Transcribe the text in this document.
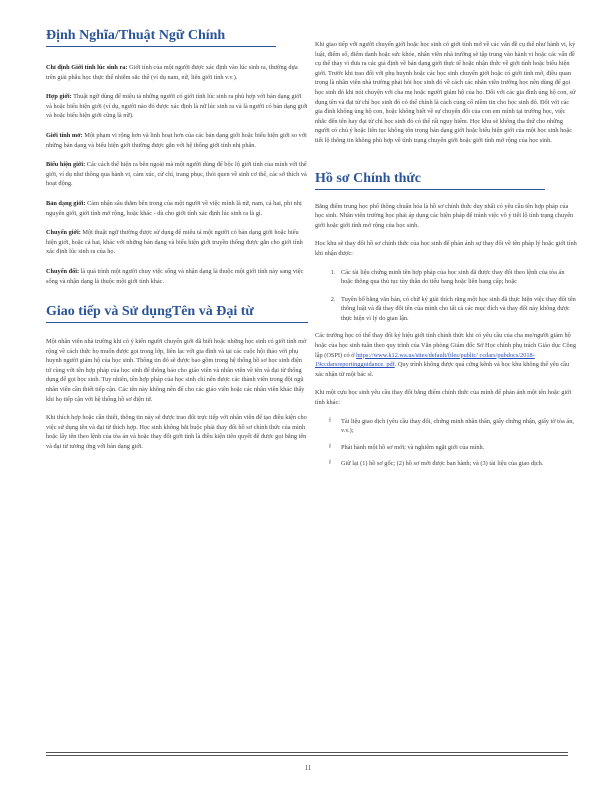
Định Nghĩa/Thuật Ngữ Chính

Chỉ định Giới tính lúc sinh ra: Giới tính của một người được xác định vào lúc sinh ra, thường dựa trên giải phẫu học thực thể nhiễm sắc thể (ví dụ nam, nữ, liên giới tính v.v.).

Hợp giới: Thuật ngữ dùng để miêu tả những người có giới tính lúc sinh ra phù hợp với bản dạng giới và hoặc biểu hiện giới (ví dụ, người nào đó được xác định là nữ lúc sinh ra và là người có bản dạng giới và hoặc biểu hiện giới cũng là nữ).

Giới tính mở: Một phạm vi rộng hơn và linh hoạt hơn của các bản dạng giới hoặc biểu hiện giới so với những bản dạng và biểu hiện giới thường được gắn với hệ thống giới tính nhị phân.

Biểu hiện giới: Các cách thể hiện ra bên ngoài mà một người dùng để bộc lộ giới tính của mình với thế giới, ví dụ như thông qua hành vi, cảm xúc, cử chỉ, trang phục, thói quen về sinh cơ thể, các sở thích và hoạt động.

Bản dạng giới: Cảm nhận sâu thẳm bên trong của một người về việc mình là nữ, nam, cả hai, phi nhị nguyên giới, giới tính mở rộng, hoặc khác - dù cho giới tính xác định lúc sinh ra là gì.

Chuyển giới: Một thuật ngữ thường được sử dụng để miêu tả một người có bản dạng giới hoặc biểu hiện giới, hoặc cả hai, khác với những bản dạng và biểu hiện giới truyền thống được gắn cho giới tính xác định lúc sinh ra của họ.

Chuyển đổi: là quá trình một người chuy việc sống và nhận dạng là thuộc một giới tính này sang việc sống và nhận dạng là thuộc một giới tính khác.

Giao tiếp và Sử dụngTên và Đại từ

Một nhân viên nhà trường khi có ý kiến người chuyển giới đã biết hoặc những học sinh có giới tính mở rộng về cách thức họ muốn được gọi trong lớp, liên lạc với gia đình và tại các cuộc hội thảo với phụ huynh người giám hộ của học sinh. Thông tin đó sẽ được bao gồm trong hệ thống hồ sơ học sinh điện tử cùng với tên hợp pháp của học sinh để thông báo cho giáo viên và nhân viên về tên và đại từ thống dụng để gọi học sinh. Tuy nhiên, tên hợp pháp của học sinh chỉ nên được các thành viên trong đội ngũ nhân viên cần thiết tiếp cận. Các tên này không nên để cho các giáo viên hoặc các nhân viên khác thấy khi họ tiếp cận với hệ thống hồ sơ điện tử.

Khi thích hợp hoặc cần thiết, thông tin này sẽ được trao đổi trực tiếp với nhân viên để tạo điều kiện cho việc sử dụng tên và đại từ thích hợp. Học sinh không bắt buộc phải thay đổi hồ sơ chính thức của mình hoặc lấy tên theo lệnh của tòa án và hoặc thay đổi giới tính là điều kiện tiên quyết để được gọi bằng tên và đại từ tương ứng với bản dạng giới.

Khi giao tiếp với người chuyển giới hoặc học sinh có giới tính mở về các vấn đề cụ thể như hành vi, kỷ luật, điểm số, điểm danh hoặc sức khỏe, nhân viên nhà trường sẽ tập trung vào hành vi hoặc các vấn đề cụ thể thay vì đưa ra các giả định về bản dạng giới thực tế hoặc nhận thức về giới tính hoặc biểu hiện giới. Trước khi trao đổi với phụ huynh hoặc các học sinh chuyển giới hoặc có giới tính mở, điều quan trọng là nhân viên nhà trường phải hỏi học sinh đó về cách các nhân viên trường học nên dùng để gọi học sinh đó khi nói chuyện với cha mẹ hoặc người giám hộ của họ. Đối với các gia đình ủng hộ con, sử dụng tên và đại từ chỉ học sinh đó có thể chính là cách củng cố niềm tin cho học sinh đó. Đối với các gia đình không ủng hộ con, hoặc không biết về sự chuyển đổi của con em mình tại trường học, việc nhắc đến tên hay đại từ chỉ học sinh đó có thể rất nguy hiểm. Học khu sẽ không tha thứ cho những người có chủ ý hoặc liên tục không tôn trọng bản dạng giới hoặc biểu hiện giới của một học sinh hoặc tiết lộ thông tin không phù hợp về tình trạng chuyển giới hoặc giới tính mở rộng của học sinh.

Hồ sơ Chính thức

Bằng điểm trung học phổ thông chuẩn hóa là hồ sơ chính thức duy nhất có yêu cầu tên hợp pháp của học sinh. Nhân viên trường học phải áp dụng các biện pháp để tránh việc vô ý tiết lộ tình trạng chuyển giới hoặc giới tính mở rộng của học sinh.

Học khu sẽ thay đổi hồ sơ chính thức của học sinh để phản ánh sự thay đổi về tên pháp lý hoặc giới tính khi nhận được:

1. Các tài liệu chứng minh tên hợp pháp của học sinh đã được thay đổi theo lệnh của tòa án hoặc thông qua thủ tục tùy thân do tiểu bang hoặc liên bang cấp; hoặc
2. Tuyên bố bằng văn bản, có chữ ký giải thích rằng một học sinh đã thực hiện việc thay đổi tên thông luật và đã thay đổi tên của mình cho tất cả các mục đích và thay đổi này không được thực hiện vì lý do gian lận.

Các trường học có thể thay đổi ký hiệu giới tính chính thức khi có yêu cầu của cha mẹ/người giám hộ hoặc của học sinh tuân theo quy trình của Văn phòng Giám đốc Sở Học chính phụ trách Giáo dục Công lập (OSPI) có ở https://www.k12.wa.us/sites/default/files/public/ ccdars/pubdocs/2018-19ccdarsreportingguidance. pdf. Quy trình không được quá cứng kênh và học khu không thể yêu cầu xác nhận từ một bác sĩ.

Khi một cựu học sinh yêu cầu thay đổi bằng điểm chính thức của mình để phản ánh một tên hoặc giới tính khác:

f Tài liệu giao dịch (yêu cầu thay đổi, chứng minh nhân thân, giấy chứng nhận, giấy tờ tòa án, v.v.);
f Phát hành một hồ sơ mới; và nghiêm ngặt giới của mình.
f Giữ lại (1) hồ sơ gốc; (2) hồ sơ mới được ban hành; và (3) tài liệu của giao dịch.
11
